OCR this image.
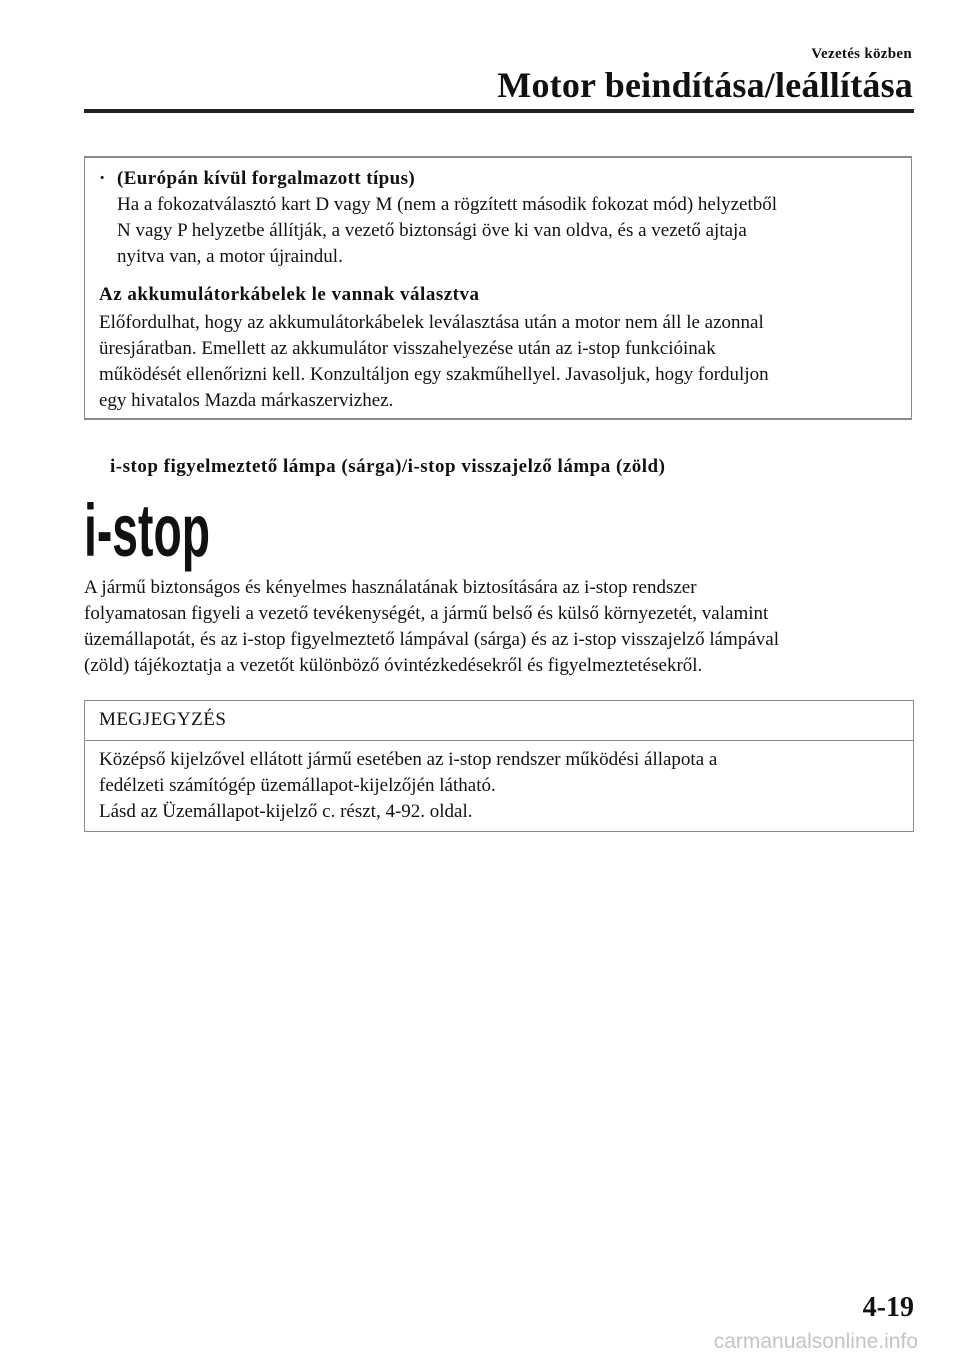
Vezetés közben
Motor beindítása/leállítása
· (Európán kívül forgalmazott típus)
Ha a fokozatválasztó kart D vagy M (nem a rögzített második fokozat mód) helyzetből
N vagy P helyzetbe állítják, a vezető biztonsági öve ki van oldva, és a vezető ajtaja
nyitva van, a motor újraindul.
Az akkumulátorkábelek le vannak választva
Előfordulhat, hogy az akkumulátorkábelek leválasztása után a motor nem áll le azonnal
üresjáratban. Emellett az akkumulátor visszahelyezése után az i-stop funkcióinak
működését ellenőrizni kell. Konzultáljon egy szakműhellyel. Javasoljuk, hogy forduljon
egy hivatalos Mazda márkaszervizhez.
i-stop figyelmeztető lámpa (sárga)/i-stop visszajelző lámpa (zöld)
i-stop
A jármű biztonságos és kényelmes használatának biztosítására az i-stop rendszer
folyamatosan figyeli a vezető tevékenységét, a jármű belső és külső környezetét, valamint
üzemállapotát, és az i-stop figyelmeztető lámpával (sárga) és az i-stop visszajelző lámpával
(zöld) tájékoztatja a vezetőt különböző óvintézkedésekről és figyelmeztetésekről.
MEGJEGYZÉS
Középső kijelzővel ellátott jármű esetében az i-stop rendszer működési állapota a
fedélzeti számítógép üzemállapot-kijelzőjén látható.
Lásd az Üzemállapot-kijelző c. részt, 4-92. oldal.
4-19
carmanualsonline.info
